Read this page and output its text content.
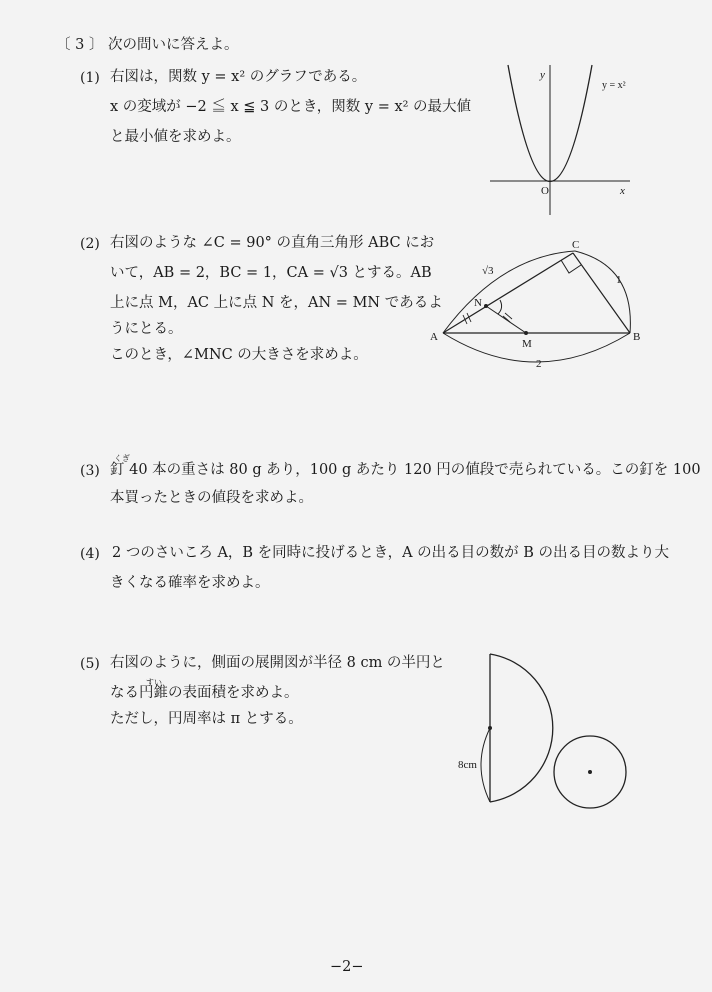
〔 3 〕 次の問いに答えよ。
(1) 右図は，関数 y = x² のグラフである。
x の変域が −2 ≦ x ≦ 3 のとき，関数 y = x² の最大値
と最小値を求めよ。
y
x
O
y = x²
(2) 右図のような ∠C = 90° の直角三角形 ABC にお
いて，AB = 2，BC = 1，CA = √3 とする。AB
上に点 M，AC 上に点 N を，AN = MN であるよ
うにとる。
このとき，∠MNC の大きさを求めよ。
A	B
C
M
N
√3
1
2
くぎ
(3) 釘 40 本の重さは 80 g あり，100 g あたり 120 円の値段で売られている。この釘を 100
本買ったときの値段を求めよ。
(4) 2 つのさいころ A，B を同時に投げるとき，A の出る目の数が B の出る目の数より大
きくなる確率を求めよ。
(5) 右図のように，側面の展開図が半径 8 cm の半円と
すい
なる円錐の表面積を求めよ。
ただし，円周率は π とする。
8cm
−2−
